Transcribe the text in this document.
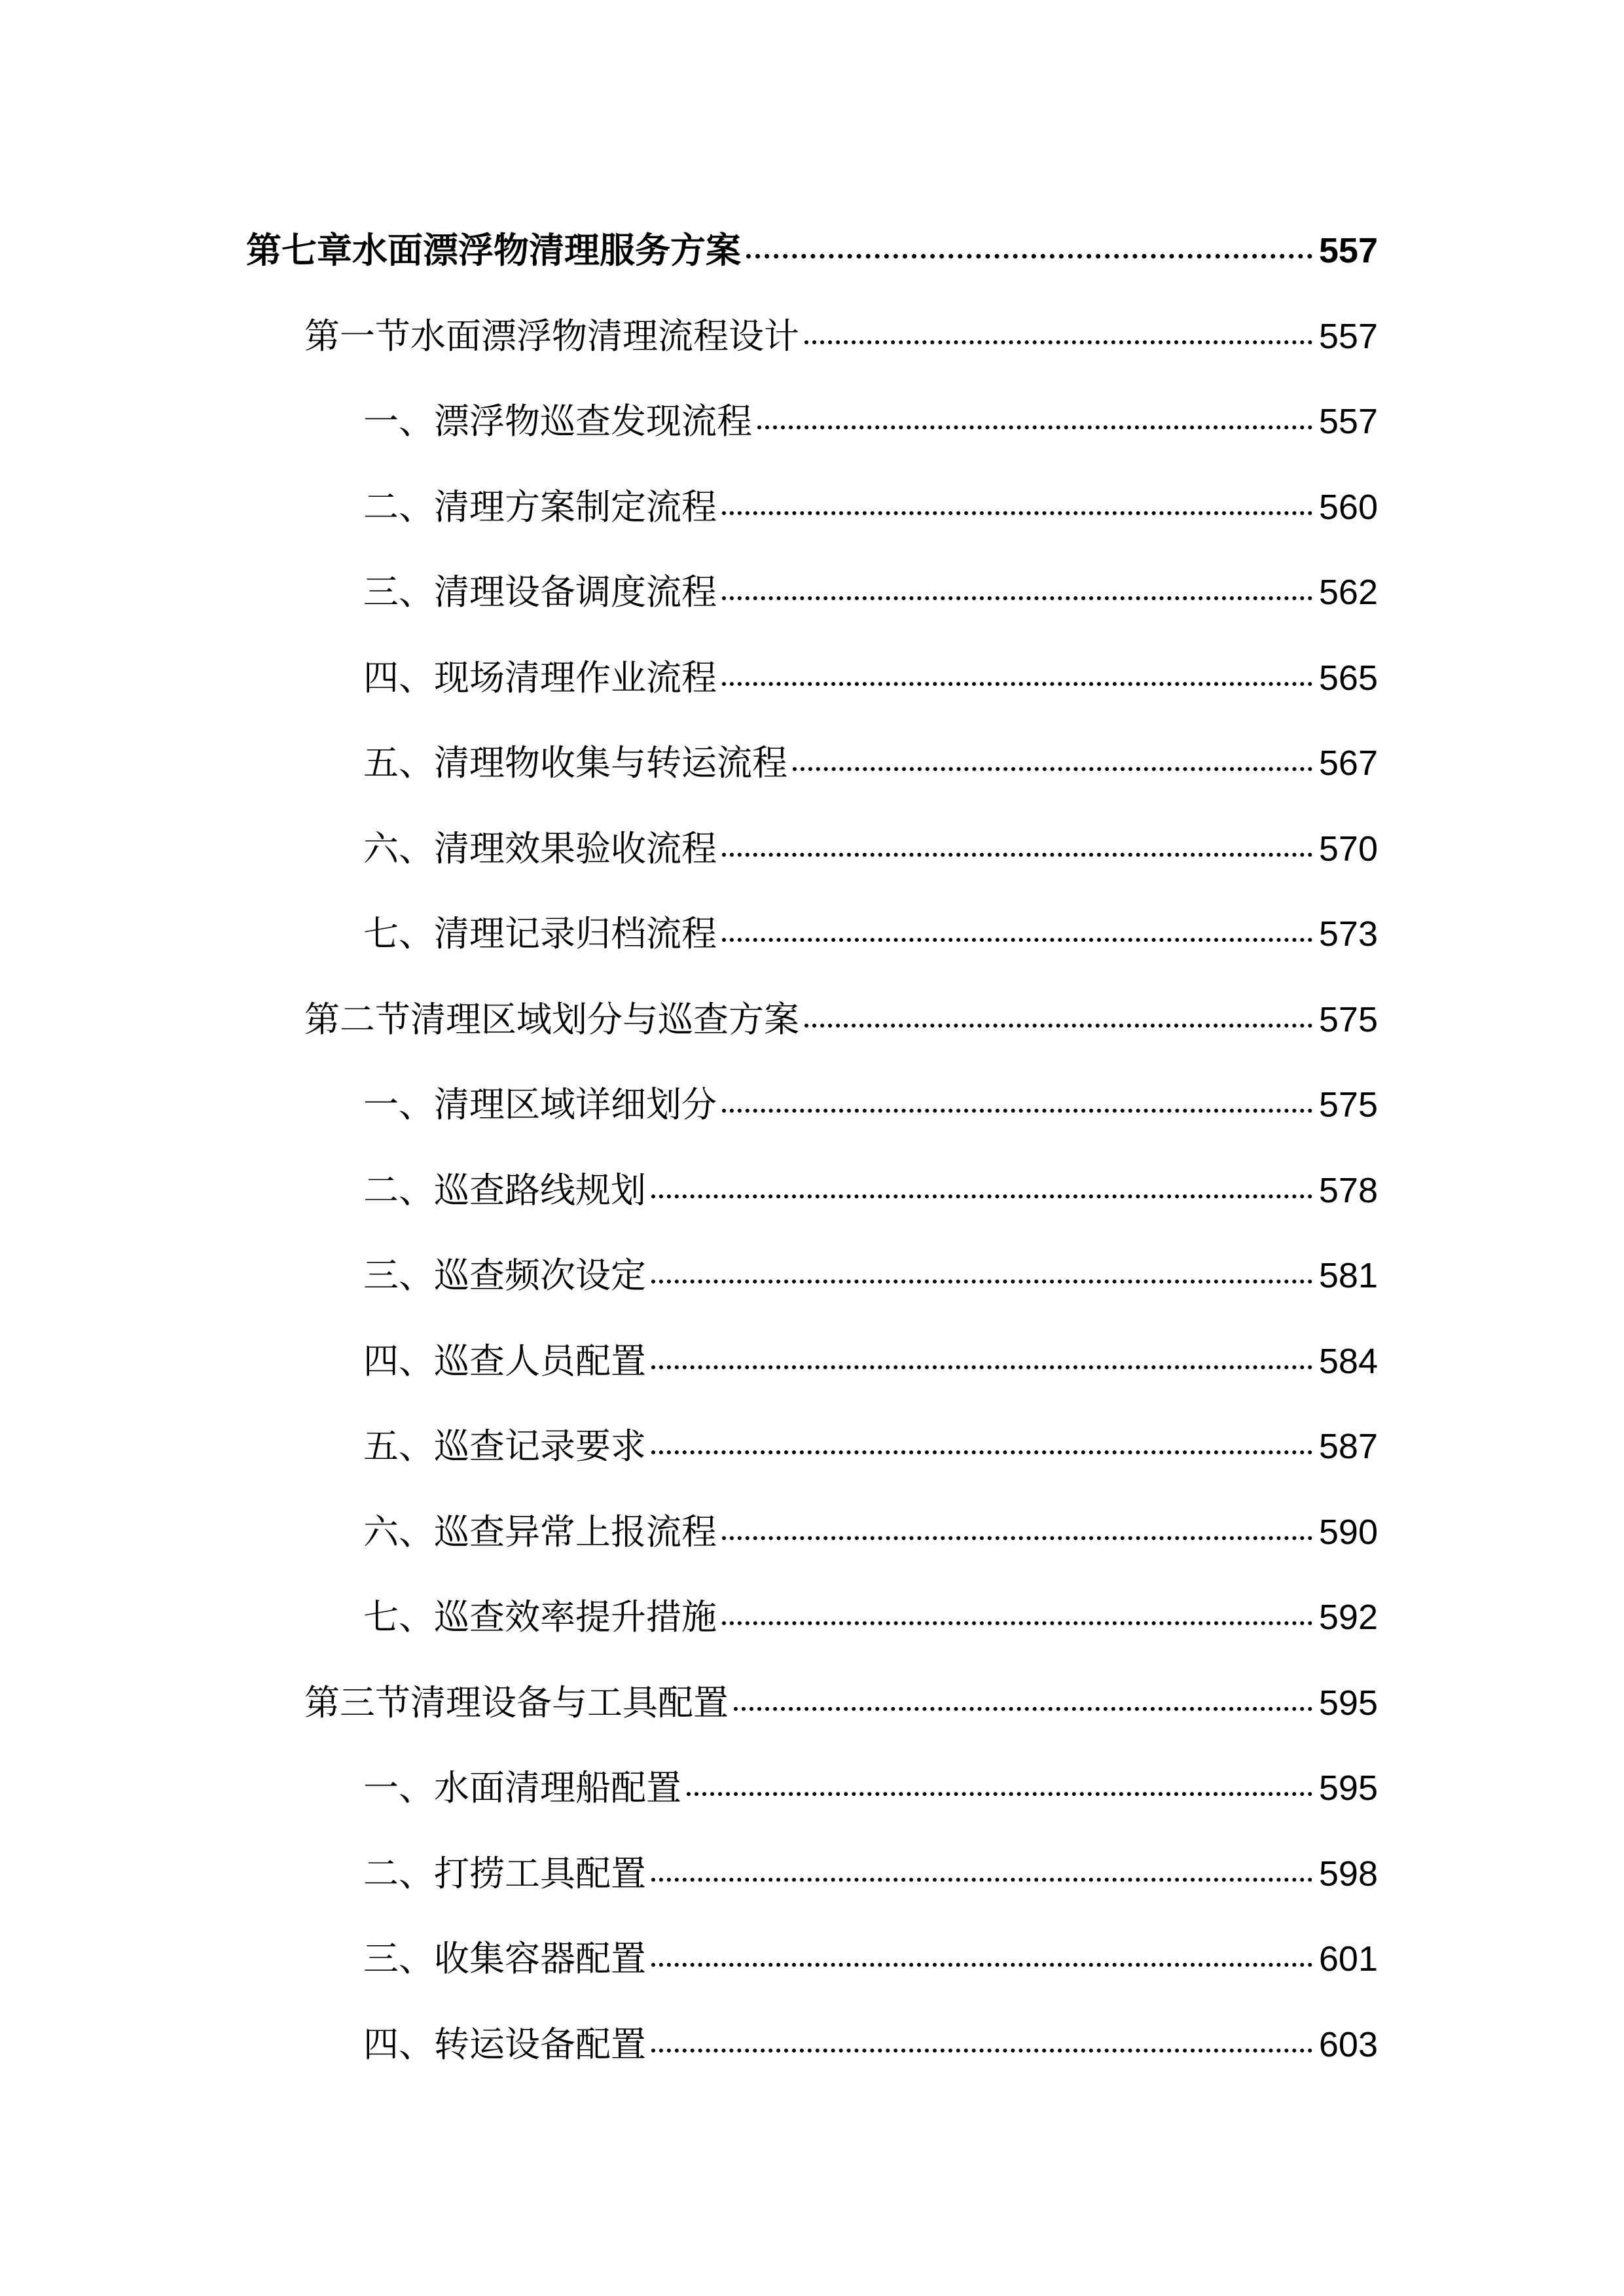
第七章水面漂浮物清理服务方案	557
第一节水面漂浮物清理流程设计	557
一、漂浮物巡查发现流程	557
二、清理方案制定流程	560
三、清理设备调度流程	562
四、现场清理作业流程	565
五、清理物收集与转运流程	567
六、清理效果验收流程	570
七、清理记录归档流程	573
第二节清理区域划分与巡查方案	575
一、清理区域详细划分	575
二、巡查路线规划	578
三、巡查频次设定	581
四、巡查人员配置	584
五、巡查记录要求	587
六、巡查异常上报流程	590
七、巡查效率提升措施	592
第三节清理设备与工具配置	595
一、水面清理船配置	595
二、打捞工具配置	598
三、收集容器配置	601
四、转运设备配置	603
